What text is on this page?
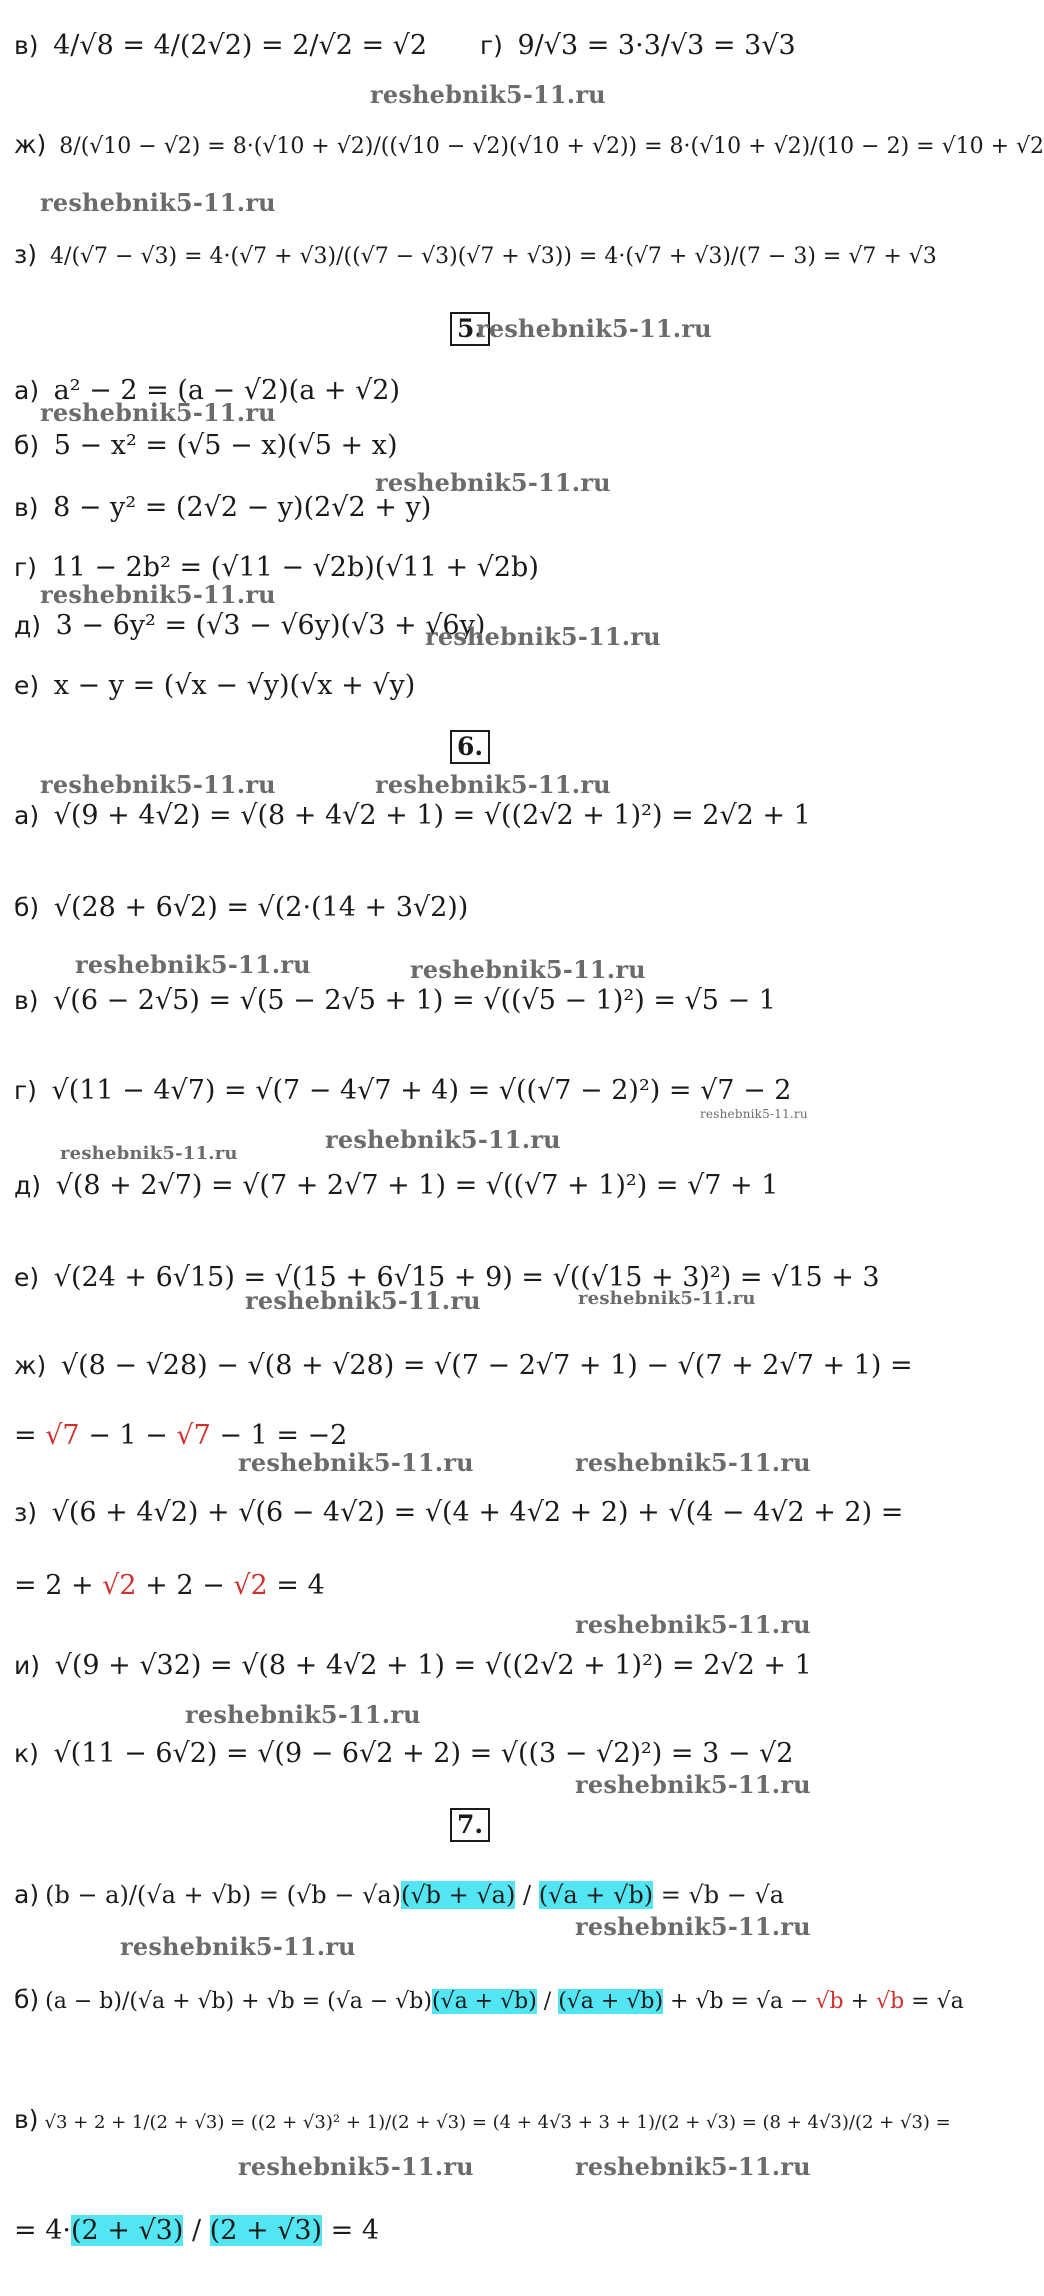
в) 4/√8 = 4/(2√2) = 2/√2 = √2 г) 9/√3 = 3·3/√3 = 3√3
reshebnik5-11.ru
ж) 8/(√10 − √2) = 8·(√10 + √2)/((√10 − √2)(√10 + √2)) = 8·(√10 + √2)/(10 − 2) = √10 + √2
reshebnik5-11.ru
з) 4/(√7 − √3) = 4·(√7 + √3)/((√7 − √3)(√7 + √3)) = 4·(√7 + √3)/(7 − 3) = √7 + √3
5.
reshebnik5-11.ru
а) a² − 2 = (a − √2)(a + √2)
reshebnik5-11.ru
б) 5 − x² = (√5 − x)(√5 + x)
reshebnik5-11.ru
в) 8 − y² = (2√2 − y)(2√2 + y)
г) 11 − 2b² = (√11 − √2b)(√11 + √2b)
reshebnik5-11.ru
д) 3 − 6y² = (√3 − √6y)(√3 + √6y)
reshebnik5-11.ru
е) x − y = (√x − √y)(√x + √y)
6.
reshebnik5-11.ru	reshebnik5-11.ru
а) √(9 + 4√2) = √(8 + 4√2 + 1) = √((2√2 + 1)²) = 2√2 + 1
б) √(28 + 6√2) = √(2·(14 + 3√2))
reshebnik5-11.ru	reshebnik5-11.ru
в) √(6 − 2√5) = √(5 − 2√5 + 1) = √((√5 − 1)²) = √5 − 1
г) √(11 − 4√7) = √(7 − 4√7 + 4) = √((√7 − 2)²) = √7 − 2
reshebnik5-11.ru
reshebnik5-11.ru
reshebnik5-11.ru
д) √(8 + 2√7) = √(7 + 2√7 + 1) = √((√7 + 1)²) = √7 + 1
е) √(24 + 6√15) = √(15 + 6√15 + 9) = √((√15 + 3)²) = √15 + 3
reshebnik5-11.ru	reshebnik5-11.ru
ж) √(8 − √28) − √(8 + √28) = √(7 − 2√7 + 1) − √(7 + 2√7 + 1) =
= √7 − 1 − √7 − 1 = −2
reshebnik5-11.ru	reshebnik5-11.ru
з) √(6 + 4√2) + √(6 − 4√2) = √(4 + 4√2 + 2) + √(4 − 4√2 + 2) =
= 2 + √2 + 2 − √2 = 4
reshebnik5-11.ru
и) √(9 + √32) = √(8 + 4√2 + 1) = √((2√2 + 1)²) = 2√2 + 1
reshebnik5-11.ru
к) √(11 − 6√2) = √(9 − 6√2 + 2) = √((3 − √2)²) = 3 − √2
reshebnik5-11.ru
7.
а) (b − a)/(√a + √b) = (√b − √a)(√b + √a) / (√a + √b) = √b − √a
reshebnik5-11.ru
reshebnik5-11.ru
б) (a − b)/(√a + √b) + √b = (√a − √b)(√a + √b) / (√a + √b) + √b = √a − √b + √b = √a
в) √3 + 2 + 1/(2 + √3) = ((2 + √3)² + 1)/(2 + √3) = (4 + 4√3 + 3 + 1)/(2 + √3) = (8 + 4√3)/(2 + √3) =
reshebnik5-11.ru	reshebnik5-11.ru
= 4·(2 + √3) / (2 + √3) = 4
